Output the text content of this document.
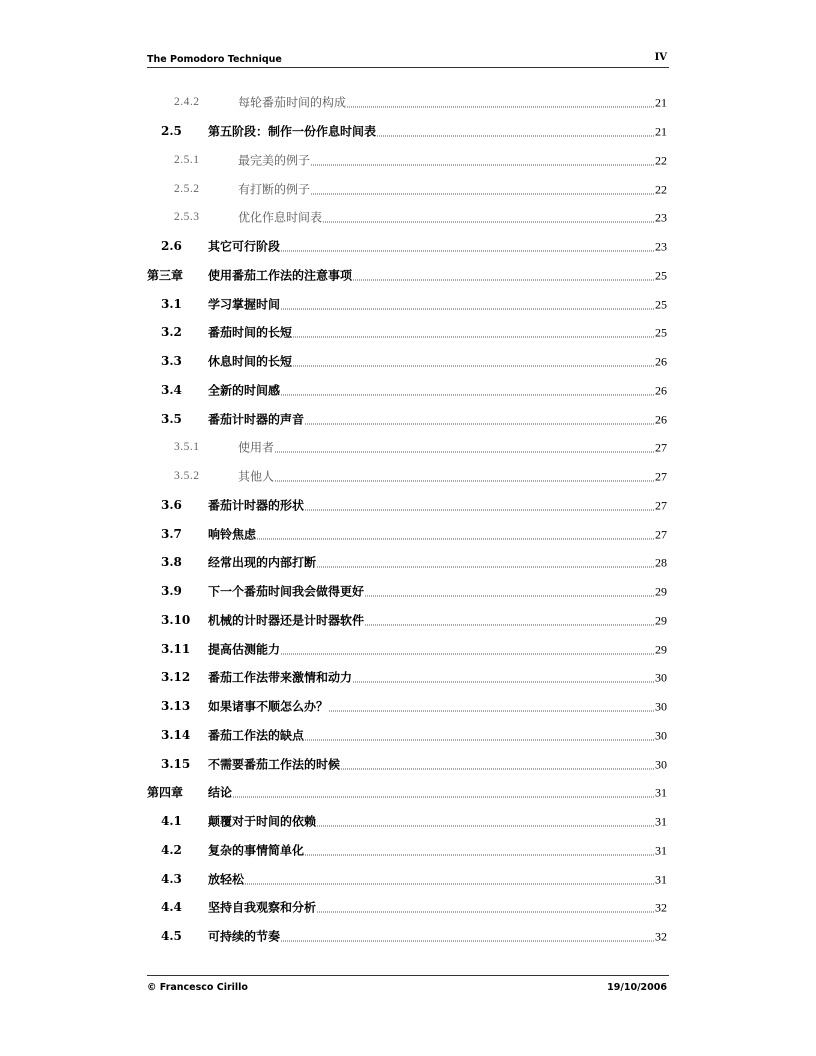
The Pomodoro Technique	IV
2.4.2	每轮番茄时间的构成	21
2.5 第五阶段：制作一份作息时间表	21
2.5.1	最完美的例子	22
2.5.2	有打断的例子	22
2.5.3	优化作息时间表	23
2.6 其它可行阶段	23
第三章 使用番茄工作法的注意事项	25
3.1 学习掌握时间	25
3.2 番茄时间的长短	25
3.3 休息时间的长短	26
3.4 全新的时间感	26
3.5 番茄计时器的声音	26
3.5.1	使用者	27
3.5.2	其他人	27
3.6 番茄计时器的形状	27
3.7 响铃焦虑	27
3.8 经常出现的内部打断	28
3.9 下一个番茄时间我会做得更好	29
3.10 机械的计时器还是计时器软件	29
3.11 提高估测能力	29
3.12 番茄工作法带来激情和动力	30
3.13 如果诸事不顺怎么办？	30
3.14 番茄工作法的缺点	30
3.15 不需要番茄工作法的时候	30
第四章 结论	31
4.1 颠覆对于时间的依赖	31
4.2 复杂的事情简单化	31
4.3 放轻松	31
4.4 坚持自我观察和分析	32
4.5 可持续的节奏	32
© Francesco Cirillo	19/10/2006
